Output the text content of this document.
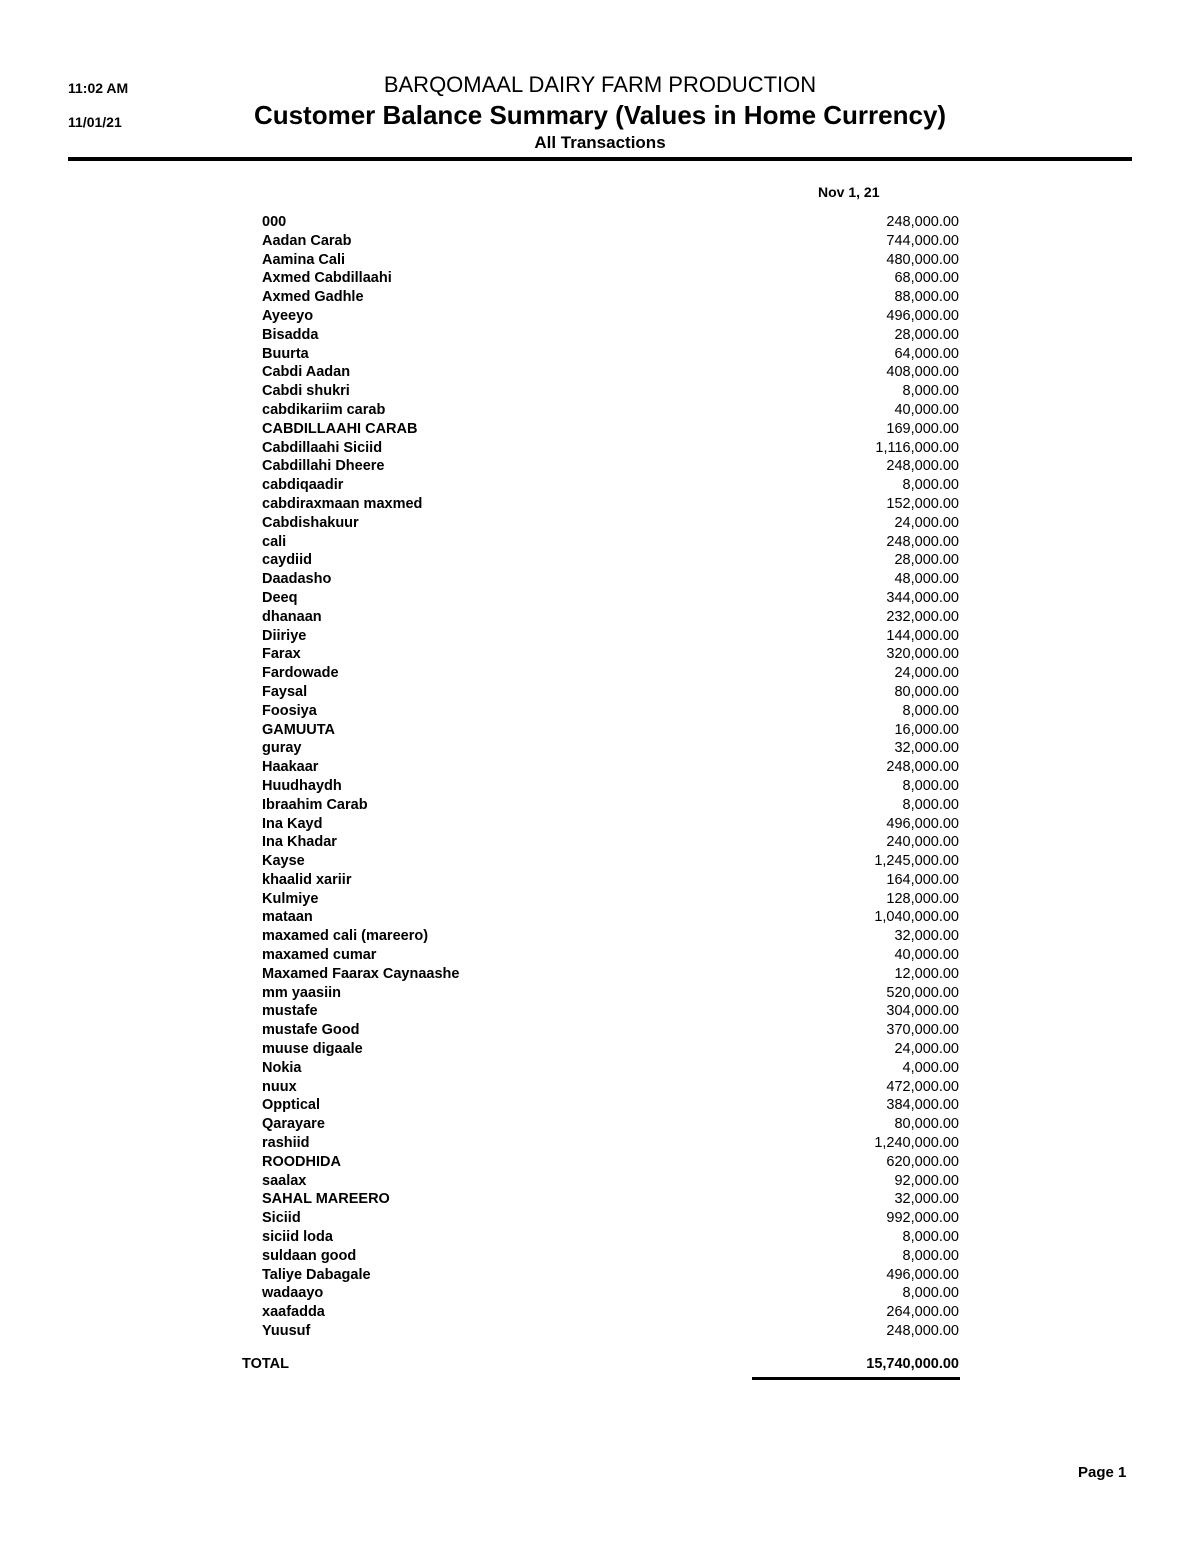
11:02 AM
11/01/21
BARQOMAAL DAIRY FARM PRODUCTION
Customer Balance Summary (Values in Home Currency)
All Transactions
Nov 1, 21
000	248,000.00
Aadan Carab	744,000.00
Aamina Cali	480,000.00
Axmed Cabdillaahi	68,000.00
Axmed Gadhle	88,000.00
Ayeeyo	496,000.00
Bisadda	28,000.00
Buurta	64,000.00
Cabdi Aadan	408,000.00
Cabdi shukri	8,000.00
cabdikariim carab	40,000.00
CABDILLAAHI CARAB	169,000.00
Cabdillaahi Siciid	1,116,000.00
Cabdillahi Dheere	248,000.00
cabdiqaadir	8,000.00
cabdiraxmaan maxmed	152,000.00
Cabdishakuur	24,000.00
cali	248,000.00
caydiid	28,000.00
Daadasho	48,000.00
Deeq	344,000.00
dhanaan	232,000.00
Diiriye	144,000.00
Farax	320,000.00
Fardowade	24,000.00
Faysal	80,000.00
Foosiya	8,000.00
GAMUUTA	16,000.00
guray	32,000.00
Haakaar	248,000.00
Huudhaydh	8,000.00
Ibraahim Carab	8,000.00
Ina Kayd	496,000.00
Ina Khadar	240,000.00
Kayse	1,245,000.00
khaalid xariir	164,000.00
Kulmiye	128,000.00
mataan	1,040,000.00
maxamed cali (mareero)	32,000.00
maxamed cumar	40,000.00
Maxamed Faarax Caynaashe	12,000.00
mm yaasiin	520,000.00
mustafe	304,000.00
mustafe Good	370,000.00
muuse digaale	24,000.00
Nokia	4,000.00
nuux	472,000.00
Opptical	384,000.00
Qarayare	80,000.00
rashiid	1,240,000.00
ROODHIDA	620,000.00
saalax	92,000.00
SAHAL MAREERO	32,000.00
Siciid	992,000.00
siciid loda	8,000.00
suldaan good	8,000.00
Taliye Dabagale	496,000.00
wadaayo	8,000.00
xaafadda	264,000.00
Yuusuf	248,000.00
TOTAL	15,740,000.00
Page 1
